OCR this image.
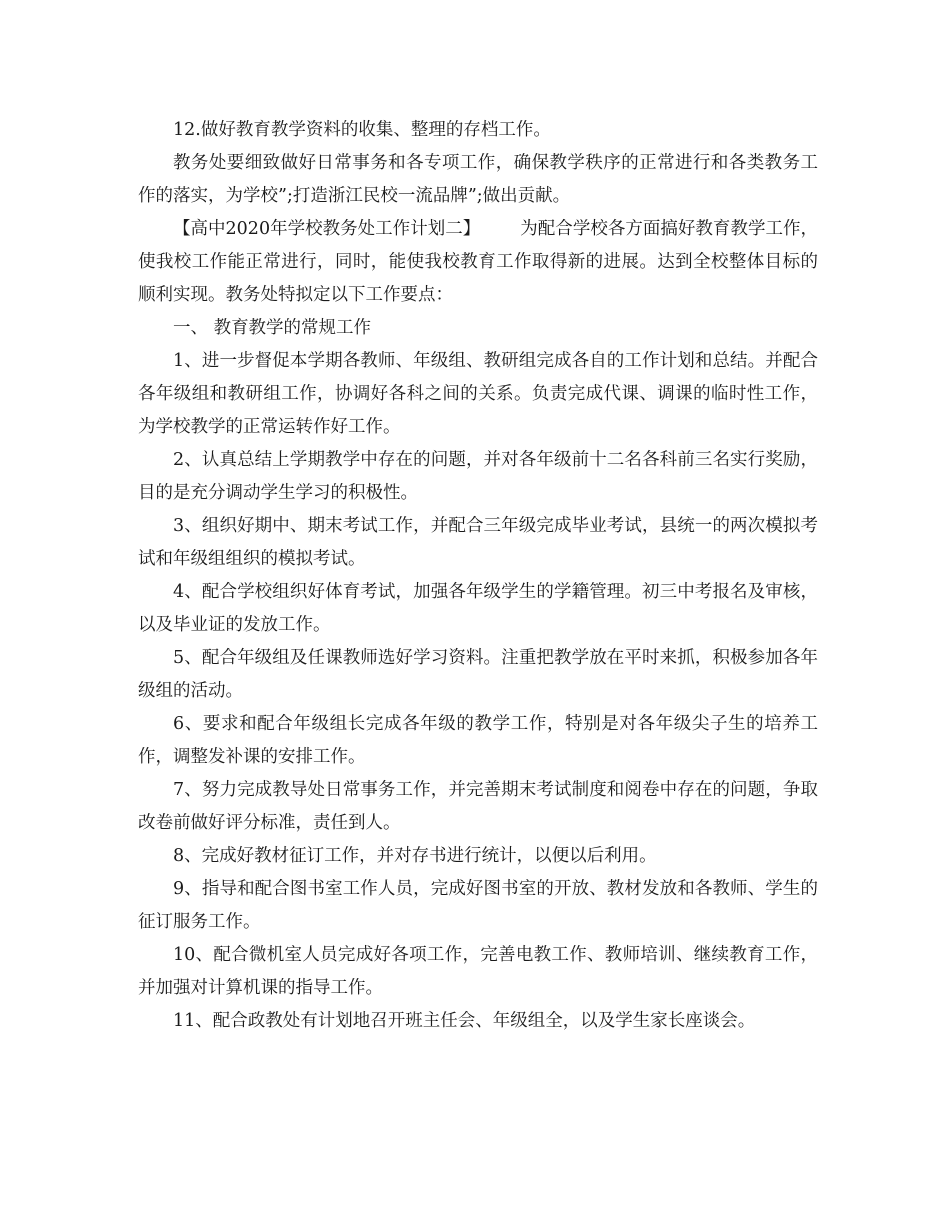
12.做好教育教学资料的收集、整理的存档工作。

教务处要细致做好日常事务和各专项工作，确保教学秩序的正常进行和各类教务工作的落实，为学校”;打造浙江民校一流品牌”;做出贡献。

【高中2020年学校教务处工作计划二】 为配合学校各方面搞好教育教学工作，使我校工作能正常进行，同时，能使我校教育工作取得新的进展。达到全校整体目标的顺利实现。教务处特拟定以下工作要点：

一、 教育教学的常规工作

1、进一步督促本学期各教师、年级组、教研组完成各自的工作计划和总结。并配合各年级组和教研组工作，协调好各科之间的关系。负责完成代课、调课的临时性工作，为学校教学的正常运转作好工作。

2、认真总结上学期教学中存在的问题，并对各年级前十二名各科前三名实行奖励，目的是充分调动学生学习的积极性。

3、组织好期中、期末考试工作，并配合三年级完成毕业考试，县统一的两次模拟考试和年级组组织的模拟考试。

4、配合学校组织好体育考试，加强各年级学生的学籍管理。初三中考报名及审核，以及毕业证的发放工作。

5、配合年级组及任课教师选好学习资料。注重把教学放在平时来抓，积极参加各年级组的活动。

6、要求和配合年级组长完成各年级的教学工作，特别是对各年级尖子生的培养工作，调整发补课的安排工作。

7、努力完成教导处日常事务工作，并完善期末考试制度和阅卷中存在的问题，争取改卷前做好评分标准，责任到人。

8、完成好教材征订工作，并对存书进行统计，以便以后利用。

9、指导和配合图书室工作人员，完成好图书室的开放、教材发放和各教师、学生的征订服务工作。

10、配合微机室人员完成好各项工作，完善电教工作、教师培训、继续教育工作，并加强对计算机课的指导工作。

11、配合政教处有计划地召开班主任会、年级组全，以及学生家长座谈会。
